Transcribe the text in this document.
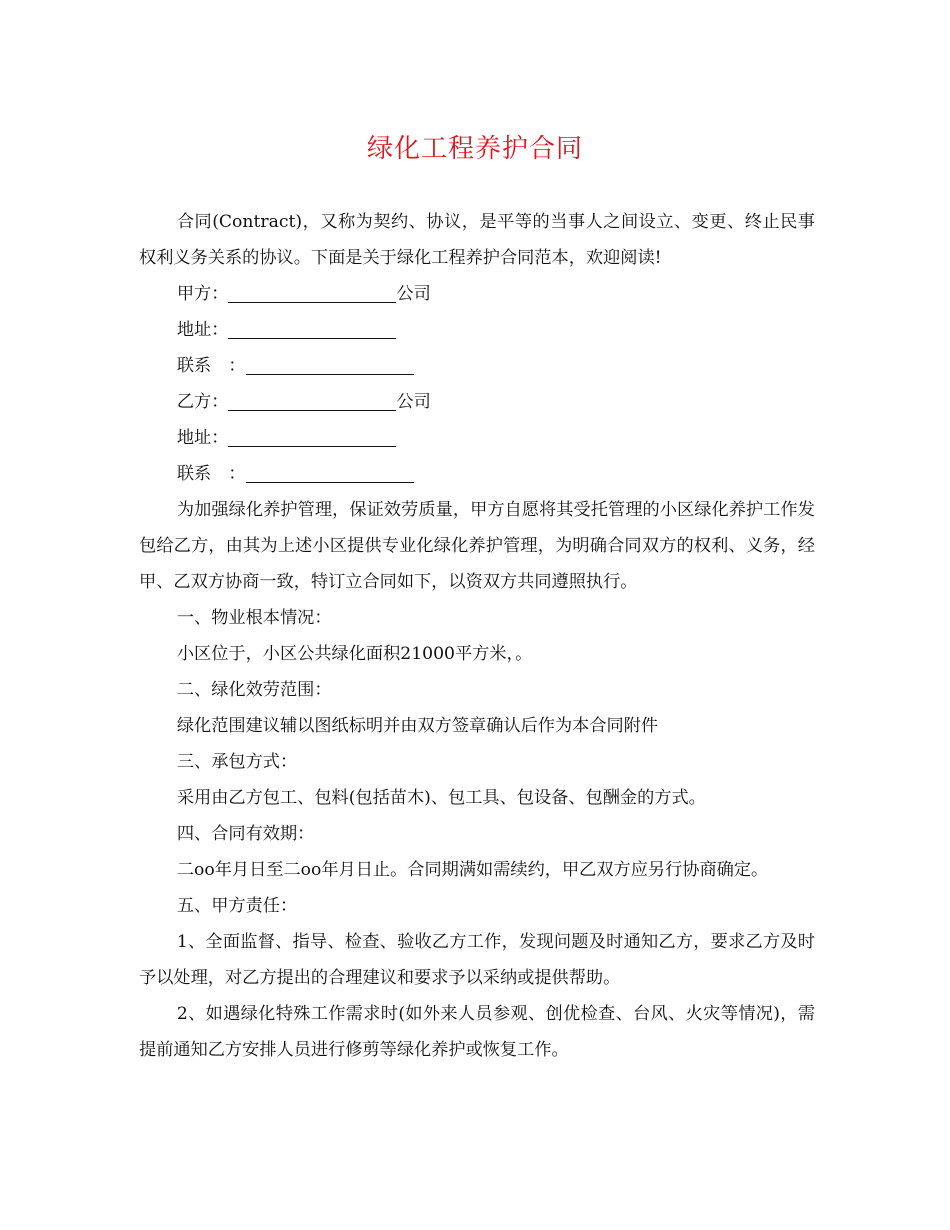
绿化工程养护合同

合同(Contract)，又称为契约、协议，是平等的当事人之间设立、变更、终止民事权利义务关系的协议。下面是关于绿化工程养护合同范本，欢迎阅读!

甲方：	公司

地址：

联系　：

乙方：	公司

地址：

联系　：

为加强绿化养护管理，保证效劳质量，甲方自愿将其受托管理的小区绿化养护工作发包给乙方，由其为上述小区提供专业化绿化养护管理，为明确合同双方的权利、义务，经甲、乙双方协商一致，特订立合同如下，以资双方共同遵照执行。

一、物业根本情况：

小区位于，小区公共绿化面积21000平方米，。

二、绿化效劳范围：

绿化范围建议辅以图纸标明并由双方签章确认后作为本合同附件

三、承包方式：

采用由乙方包工、包料(包括苗木)、包工具、包设备、包酬金的方式。

四、合同有效期：

二oo年月日至二oo年月日止。合同期满如需续约，甲乙双方应另行协商确定。

五、甲方责任：

1、全面监督、指导、检查、验收乙方工作，发现问题及时通知乙方，要求乙方及时予以处理，对乙方提出的合理建议和要求予以采纳或提供帮助。

2、如遇绿化特殊工作需求时(如外来人员参观、创优检查、台风、火灾等情况)，需提前通知乙方安排人员进行修剪等绿化养护或恢复工作。
